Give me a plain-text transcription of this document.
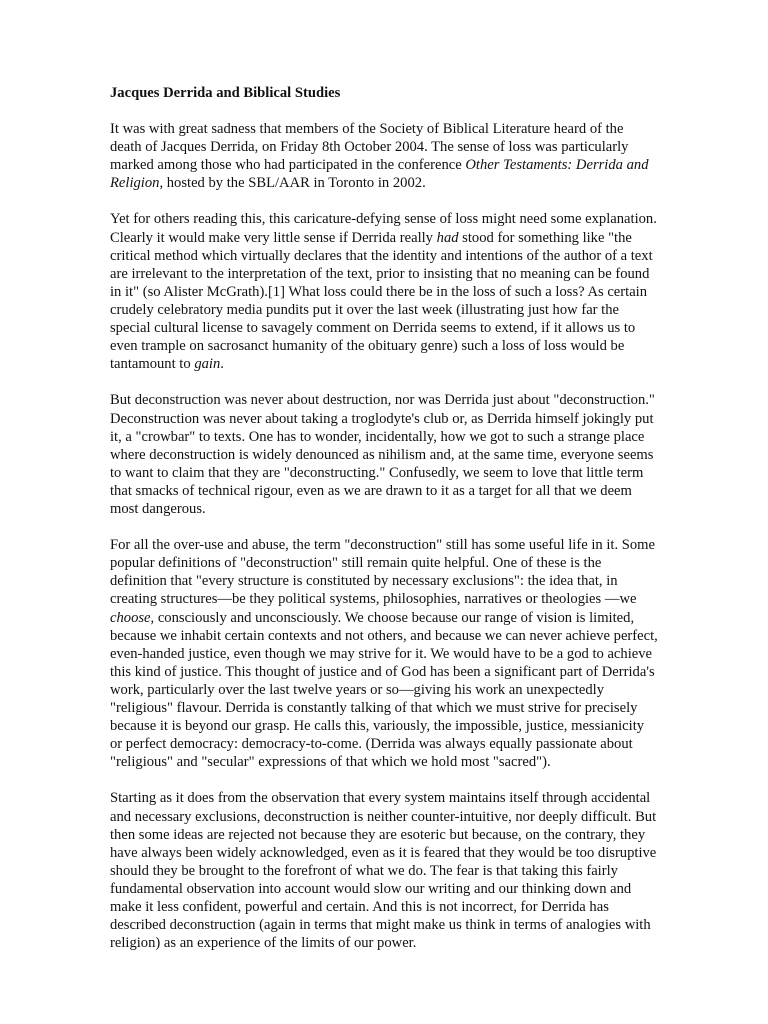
Jacques Derrida and Biblical Studies

It was with great sadness that members of the Society of Biblical Literature heard of the death of Jacques Derrida, on Friday 8th October 2004. The sense of loss was particularly marked among those who had participated in the conference Other Testaments: Derrida and Religion, hosted by the SBL/AAR in Toronto in 2002.

Yet for others reading this, this caricature-defying sense of loss might need some explanation. Clearly it would make very little sense if Derrida really had stood for something like "the critical method which virtually declares that the identity and intentions of the author of a text are irrelevant to the interpretation of the text, prior to insisting that no meaning can be found in it" (so Alister McGrath).[1] What loss could there be in the loss of such a loss? As certain crudely celebratory media pundits put it over the last week (illustrating just how far the special cultural license to savagely comment on Derrida seems to extend, if it allows us to even trample on sacrosanct humanity of the obituary genre) such a loss of loss would be tantamount to gain.

But deconstruction was never about destruction, nor was Derrida just about "deconstruction." Deconstruction was never about taking a troglodyte's club or, as Derrida himself jokingly put it, a "crowbar" to texts. One has to wonder, incidentally, how we got to such a strange place where deconstruction is widely denounced as nihilism and, at the same time, everyone seems to want to claim that they are "deconstructing." Confusedly, we seem to love that little term that smacks of technical rigour, even as we are drawn to it as a target for all that we deem most dangerous.

For all the over-use and abuse, the term "deconstruction" still has some useful life in it. Some popular definitions of "deconstruction" still remain quite helpful. One of these is the definition that "every structure is constituted by necessary exclusions": the idea that, in creating structures—be they political systems, philosophies, narratives or theologies —we choose, consciously and unconsciously. We choose because our range of vision is limited, because we inhabit certain contexts and not others, and because we can never achieve perfect, even-handed justice, even though we may strive for it. We would have to be a god to achieve this kind of justice. This thought of justice and of God has been a significant part of Derrida's work, particularly over the last twelve years or so—giving his work an unexpectedly "religious" flavour. Derrida is constantly talking of that which we must strive for precisely because it is beyond our grasp. He calls this, variously, the impossible, justice, messianicity or perfect democracy: democracy-to-come. (Derrida was always equally passionate about "religious" and "secular" expressions of that which we hold most "sacred").

Starting as it does from the observation that every system maintains itself through accidental and necessary exclusions, deconstruction is neither counter-intuitive, nor deeply difficult. But then some ideas are rejected not because they are esoteric but because, on the contrary, they have always been widely acknowledged, even as it is feared that they would be too disruptive should they be brought to the forefront of what we do. The fear is that taking this fairly fundamental observation into account would slow our writing and our thinking down and make it less confident, powerful and certain. And this is not incorrect, for Derrida has described deconstruction (again in terms that might make us think in terms of analogies with religion) as an experience of the limits of our power.
